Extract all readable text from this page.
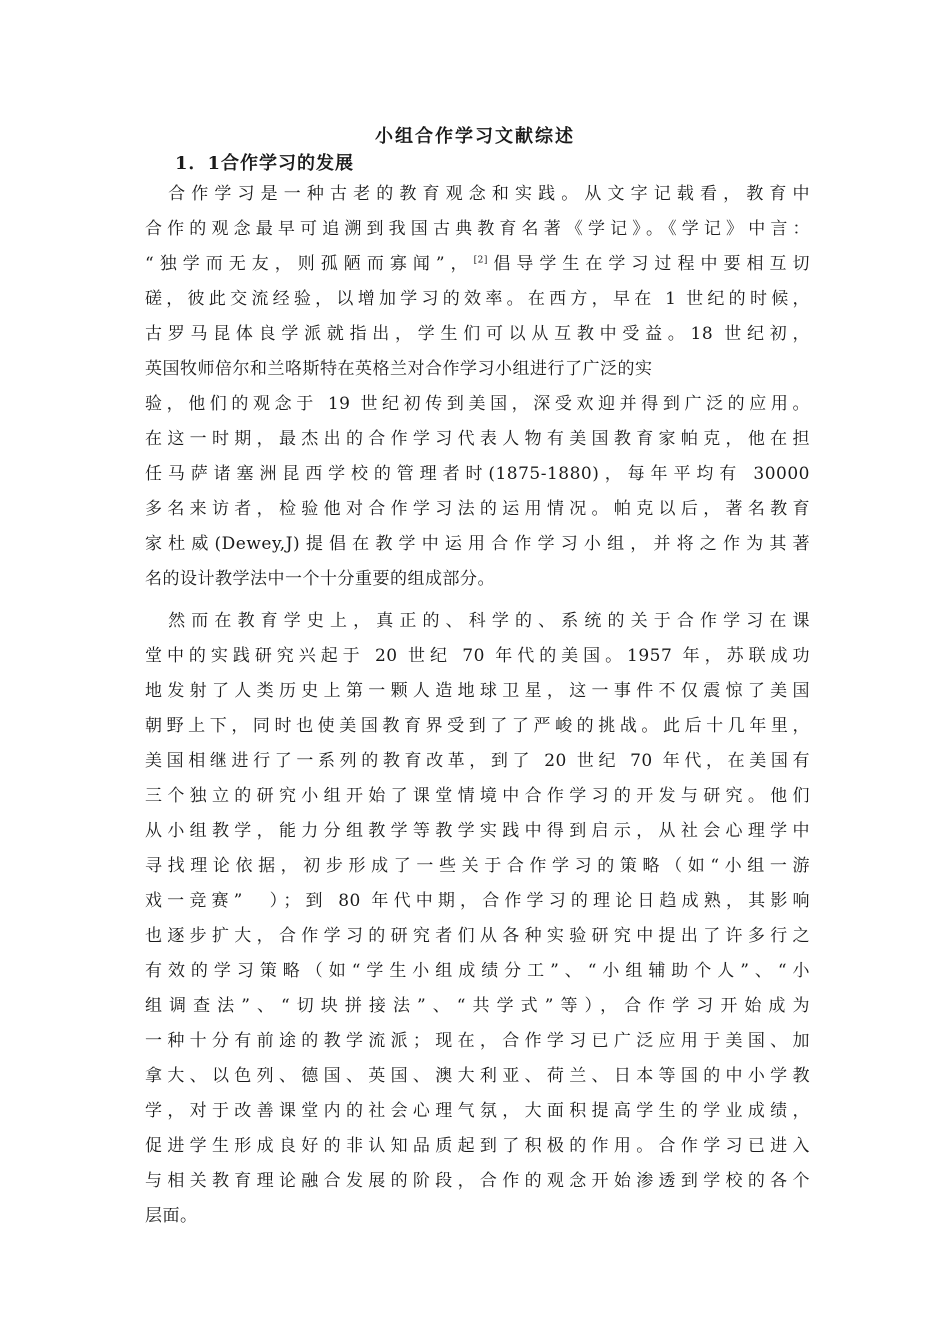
小组合作学习文献综述
1．1合作学习的发展
　合作学习是一种古老的教育观念和实践。从文字记载看，教育中
合作的观念最早可追溯到我国古典教育名著《学记》。《学记》中言：
“独学而无友，则孤陋而寡闻”，[2]倡导学生在学习过程中要相互切
磋，彼此交流经验，以增加学习的效率。在西方，早在 1 世纪的时候，
古罗马昆体良学派就指出，学生们可以从互教中受益。18 世纪初，
英国牧师倍尔和兰咯斯特在英格兰对合作学习小组进行了广泛的实
验，他们的观念于 19 世纪初传到美国，深受欢迎并得到广泛的应用。
在这一时期，最杰出的合作学习代表人物有美国教育家帕克，他在担
任马萨诸塞洲昆西学校的管理者时(1875-1880)，每年平均有 30000
多名来访者，检验他对合作学习法的运用情况。帕克以后，著名教育
家杜威(Dewey,J)提倡在教学中运用合作学习小组，并将之作为其著
名的设计教学法中一个十分重要的组成部分。
　然而在教育学史上，真正的、科学的、系统的关于合作学习在课
堂中的实践研究兴起于 20 世纪 70 年代的美国。1957 年，苏联成功
地发射了人类历史上第一颗人造地球卫星，这一事件不仅震惊了美国
朝野上下，同时也使美国教育界受到了了严峻的挑战。此后十几年里，
美国相继进行了一系列的教育改革，到了 20 世纪 70 年代，在美国有
三个独立的研究小组开始了课堂情境中合作学习的开发与研究。他们
从小组教学，能力分组教学等教学实践中得到启示，从社会心理学中
寻找理论依据，初步形成了一些关于合作学习的策略（如“小组一游
戏一竞赛”　）；到 80 年代中期，合作学习的理论日趋成熟，其影响
也逐步扩大，合作学习的研究者们从各种实验研究中提出了许多行之
有效的学习策略（如“学生小组成绩分工”、“小组辅助个人”、“小
组调查法”、“切块拼接法”、“共学式”等），合作学习开始成为
一种十分有前途的教学流派；现在，合作学习已广泛应用于美国、加
拿大、以色列、德国、英国、澳大利亚、荷兰、日本等国的中小学教
学，对于改善课堂内的社会心理气氛，大面积提高学生的学业成绩，
促进学生形成良好的非认知品质起到了积极的作用。合作学习已进入
与相关教育理论融合发展的阶段，合作的观念开始渗透到学校的各个
层面。
